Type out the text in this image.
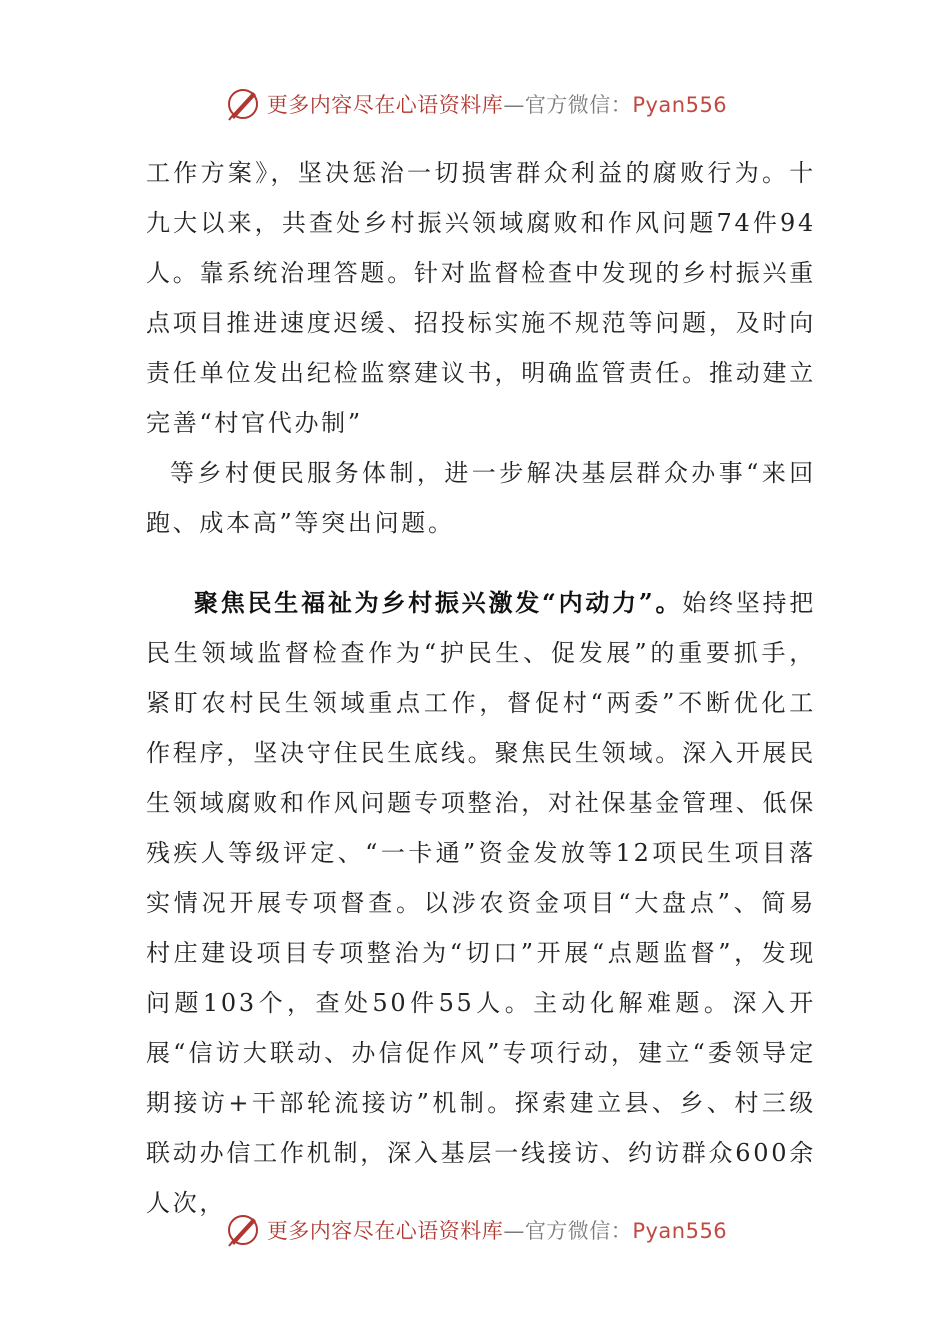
更多内容尽在心语资料库—官方微信：Pyan556

工作方案》，坚决惩治一切损害群众利益的腐败行为。十九大以来，共查处乡村振兴领域腐败和作风问题74件94人。靠系统治理答题。针对监督检查中发现的乡村振兴重点项目推进速度迟缓、招投标实施不规范等问题，及时向责任单位发出纪检监察建议书，明确监管责任。推动建立完善“村官代办制”

等乡村便民服务体制，进一步解决基层群众办事“来回跑、成本高”等突出问题。

聚焦民生福祉为乡村振兴激发“内动力”。始终坚持把民生领域监督检查作为“护民生、促发展”的重要抓手，紧盯农村民生领域重点工作，督促村“两委”不断优化工作程序，坚决守住民生底线。聚焦民生领域。深入开展民生领域腐败和作风问题专项整治，对社保基金管理、低保残疾人等级评定、“一卡通”资金发放等12项民生项目落实情况开展专项督查。以涉农资金项目“大盘点”、简易村庄建设项目专项整治为“切口”开展“点题监督”，发现问题103个，查处50件55人。主动化解难题。深入开展“信访大联动、办信促作风”专项行动，建立“委领导定期接访+干部轮流接访”机制。探索建立县、乡、村三级联动办信工作机制，深入基层一线接访、约访群众600余人次，

更多内容尽在心语资料库—官方微信：Pyan556
